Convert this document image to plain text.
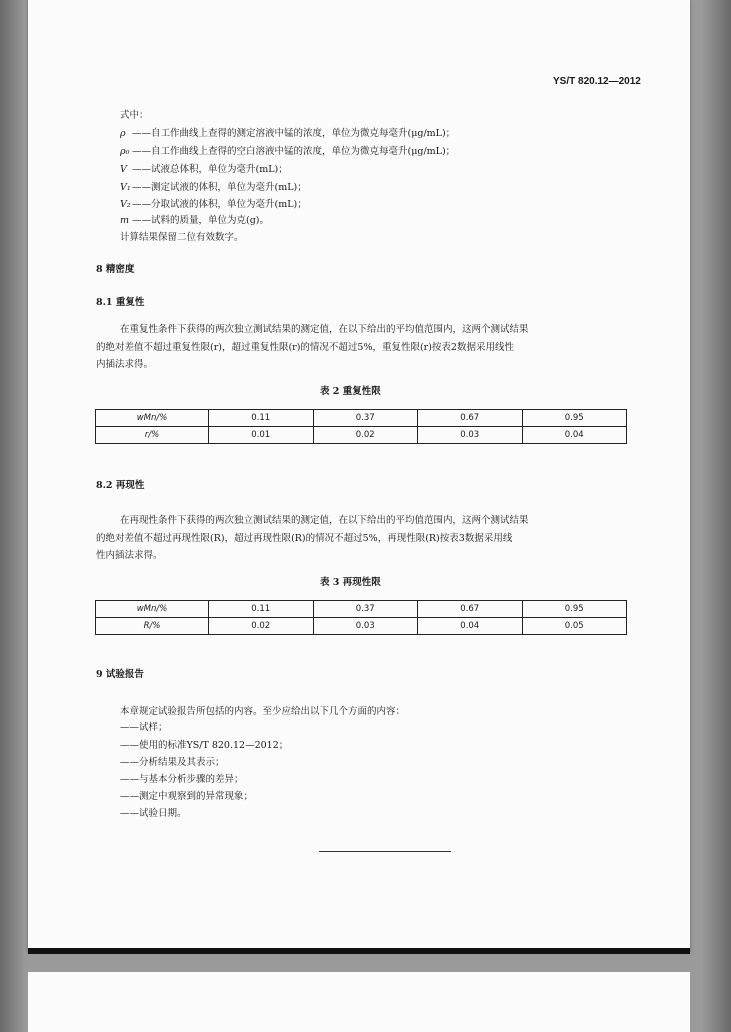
YS/T 820.12—2012
式中：
ρ ——自工作曲线上查得的测定溶液中锰的浓度，单位为微克每毫升(μg/mL)；
ρ₀ ——自工作曲线上查得的空白溶液中锰的浓度，单位为微克每毫升(μg/mL)；
V ——试液总体积，单位为毫升(mL)；
V₁——测定试液的体积，单位为毫升(mL)；
V₂——分取试液的体积，单位为毫升(mL)；
m ——试料的质量，单位为克(g)。
计算结果保留二位有效数字。
8 精密度
8.1 重复性
在重复性条件下获得的两次独立测试结果的测定值，在以下给出的平均值范围内，这两个测试结果
的绝对差值不超过重复性限(r)，超过重复性限(r)的情况不超过5%，重复性限(r)按表2数据采用线性
内插法求得。
表 2 重复性限
wMn/%	0.11	0.37	0.67	0.95
r/%	0.01	0.02	0.03	0.04
8.2 再现性
在再现性条件下获得的两次独立测试结果的测定值，在以下给出的平均值范围内，这两个测试结果
的绝对差值不超过再现性限(R)，超过再现性限(R)的情况不超过5%，再现性限(R)按表3数据采用线
性内插法求得。
表 3 再现性限
wMn/%	0.11	0.37	0.67	0.95
R/%	0.02	0.03	0.04	0.05
9 试验报告
本章规定试验报告所包括的内容。至少应给出以下几个方面的内容：
——试样；
——使用的标准YS/T 820.12—2012；
——分析结果及其表示；
——与基本分析步骤的差异；
——测定中观察到的异常现象；
——试验日期。
